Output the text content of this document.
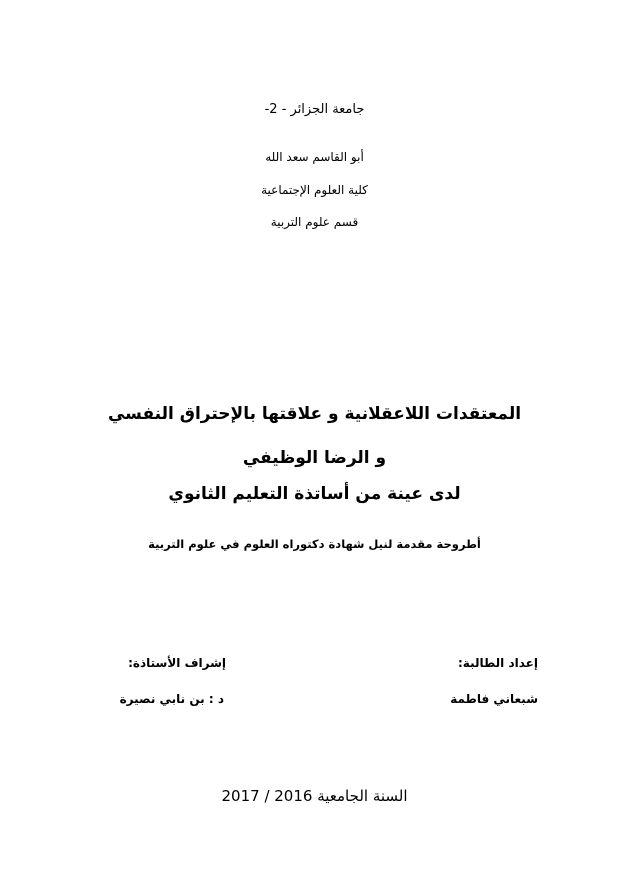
جامعة الجزائر - 2-
أبو القاسم سعد الله
كلية العلوم الإجتماعية
قسم علوم التربية
المعتقدات اللاعقلانية و علاقتها بالإحتراق النفسي
و الرضا الوظيفي
لدى عينة من أساتذة التعليم الثانوي
أطروحة مقدمة لنيل شهادة دكتوراه العلوم في علوم التربية
إعداد الطالبة:
شبعاني فاطمة
إشراف الأستاذة:
د : بن نابي نصيرة
السنة الجامعية 2016 / 2017
